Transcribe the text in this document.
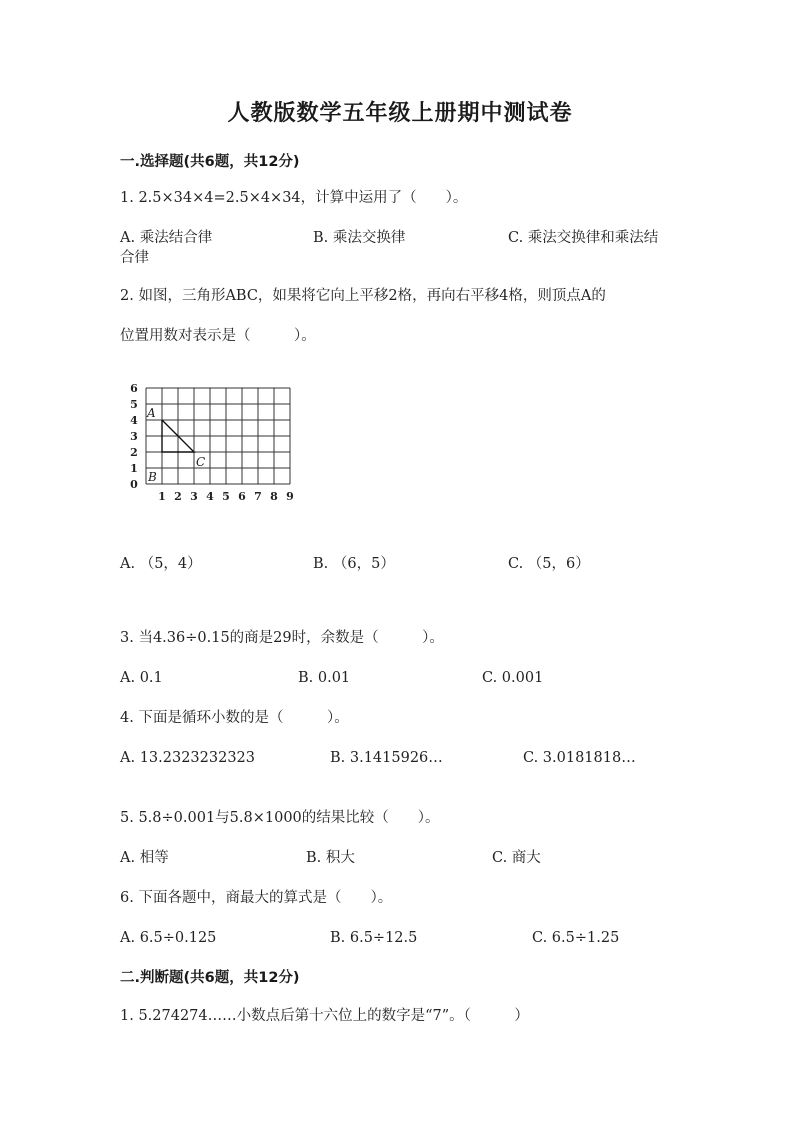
人教版数学五年级上册期中测试卷
一.选择题(共6题，共12分)
1. 2.5×34×4=2.5×4×34，计算中运用了（　　）。
A. 乘法结合律	B. 乘法交换律	C. 乘法交换律和乘法结
合律
2. 如图，三角形ABC，如果将它向上平移2格，再向右平移4格，则顶点A的
位置用数对表示是（　　　）。
0
1
2
3
4
5
6
1 2 3 4 5 6 7 8 9
A
B
C
A. （5，4）	B. （6，5）	C. （5，6）
3. 当4.36÷0.15的商是29时，余数是（　　　）。
A. 0.1	B. 0.01	C. 0.001
4. 下面是循环小数的是（　　　）。
A. 13.2323232323	B. 3.1415926…	C. 3.0181818…
5. 5.8÷0.001与5.8×1000的结果比较（　　）。
A. 相等	B. 积大	C. 商大
6. 下面各题中，商最大的算式是（　　）。
A. 6.5÷0.125	B. 6.5÷12.5	C. 6.5÷1.25
二.判断题(共6题，共12分)
1. 5.274274……小数点后第十六位上的数字是“7”。（　　　）
